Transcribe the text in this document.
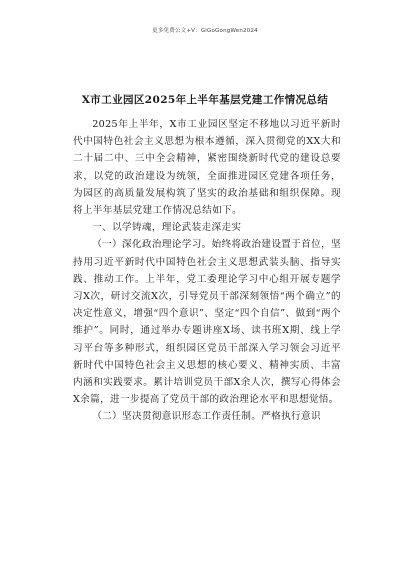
更多免费公文+V：GiGoGongWen2024
X市工业园区2025年上半年基层党建工作情况总结

2025年上半年，X市工业园区坚定不移地以习近平新时代中国特色社会主义思想为根本遵循，深入贯彻党的XX大和二十届二中、三中全会精神，紧密围绕新时代党的建设总要求，以党的政治建设为统领，全面推进园区党建各项任务，为园区的高质量发展构筑了坚实的政治基础和组织保障。现将上半年基层党建工作情况总结如下。

一、以学铸魂，理论武装走深走实

（一）深化政治理论学习。始终将政治建设置于首位，坚持用习近平新时代中国特色社会主义思想武装头脑、指导实践、推动工作。上半年，党工委理论学习中心组开展专题学习X次，研讨交流X次，引导党员干部深刻领悟“两个确立”的决定性意义，增强“四个意识”、坚定“四个自信”、做到“两个维护”。同时，通过举办专题讲座X场、读书班X期、线上学习平台等多种形式，组织园区党员干部深入学习领会习近平新时代中国特色社会主义思想的核心要义、精神实质、丰富内涵和实践要求。累计培训党员干部X余人次，撰写心得体会X余篇，进一步提高了党员干部的政治理论水平和思想觉悟。

（二）坚决贯彻意识形态工作责任制。严格执行意识
